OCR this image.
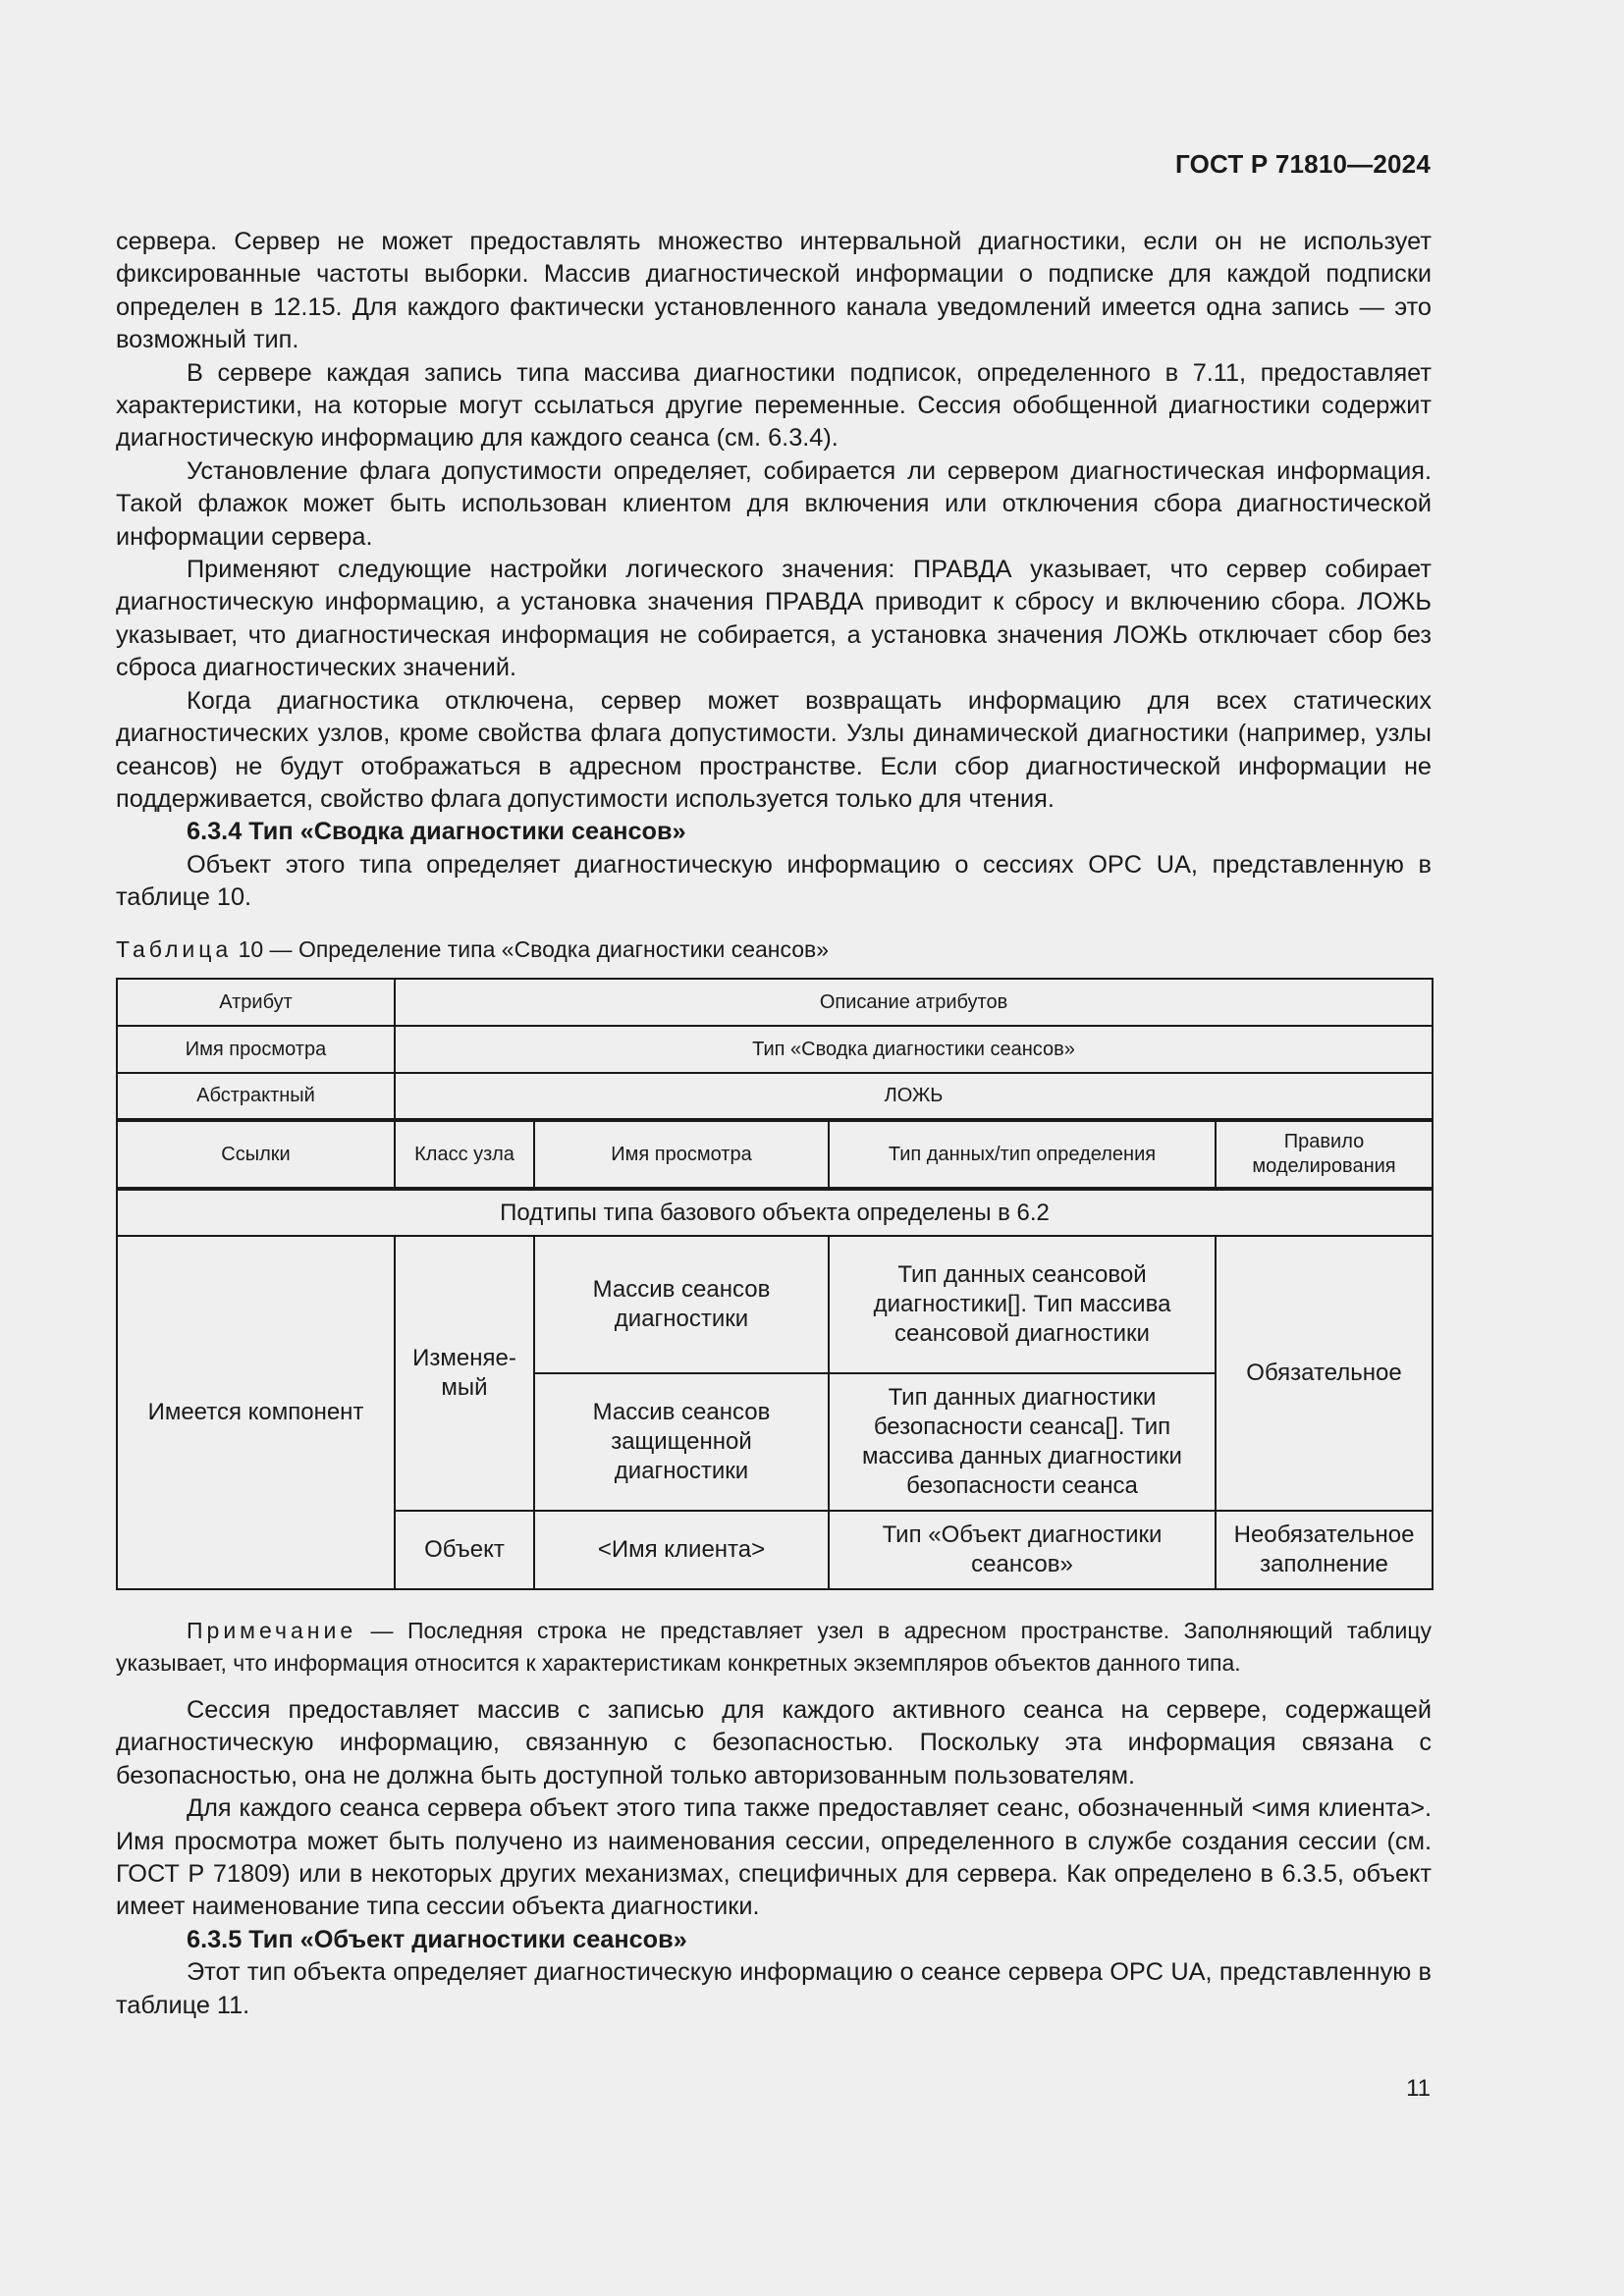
ГОСТ Р 71810—2024

сервера. Сервер не может предоставлять множество интервальной диагностики, если он не использует фиксированные частоты выборки. Массив диагностической информации о подписке для каждой подписки определен в 12.15. Для каждого фактически установленного канала уведомлений имеется одна запись — это возможный тип.

В сервере каждая запись типа массива диагностики подписок, определенного в 7.11, предоставляет характеристики, на которые могут ссылаться другие переменные. Сессия обобщенной диагностики содержит диагностическую информацию для каждого сеанса (см. 6.3.4).

Установление флага допустимости определяет, собирается ли сервером диагностическая информация. Такой флажок может быть использован клиентом для включения или отключения сбора диагностической информации сервера.

Применяют следующие настройки логического значения: ПРАВДА указывает, что сервер собирает диагностическую информацию, а установка значения ПРАВДА приводит к сбросу и включению сбора. ЛОЖЬ указывает, что диагностическая информация не собирается, а установка значения ЛОЖЬ отключает сбор без сброса диагностических значений.

Когда диагностика отключена, сервер может возвращать информацию для всех статических диагностических узлов, кроме свойства флага допустимости. Узлы динамической диагностики (например, узлы сеансов) не будут отображаться в адресном пространстве. Если сбор диагностической информации не поддерживается, свойство флага допустимости используется только для чтения.

6.3.4 Тип «Сводка диагностики сеансов»

Объект этого типа определяет диагностическую информацию о сессиях OPC UA, представленную в таблице 10.

Таблица 10 — Определение типа «Сводка диагностики сеансов»
Атрибут	Описание атрибутов			
Имя просмотра	Тип «Сводка диагностики сеансов»			
Абстрактный	ЛОЖЬ			
Ссылки	Класс узла	Имя просмотра	Тип данных/тип определения	Правило моделирования
Подтипы типа базового объекта определены в 6.2				
Имеется компонент	Изменяе-мый	Массив сеансов диагностики	Тип данных сеансовой диагностики[]. Тип массива сеансовой диагностики	Обязательное
		Массив сеансов защищенной диагностики	Тип данных диагностики безопасности сеанса[]. Тип массива данных диагностики безопасности сеанса	
	Объект	<Имя клиента>	Тип «Объект диагностики сеансов»	Необязательное заполнение

Примечание — Последняя строка не представляет узел в адресном пространстве. Заполняющий таблицу указывает, что информация относится к характеристикам конкретных экземпляров объектов данного типа.

Сессия предоставляет массив с записью для каждого активного сеанса на сервере, содержащей диагностическую информацию, связанную с безопасностью. Поскольку эта информация связана с безопасностью, она не должна быть доступной только авторизованным пользователям.

Для каждого сеанса сервера объект этого типа также предоставляет сеанс, обозначенный <имя клиента>. Имя просмотра может быть получено из наименования сессии, определенного в службе создания сессии (см. ГОСТ Р 71809) или в некоторых других механизмах, специфичных для сервера. Как определено в 6.3.5, объект имеет наименование типа сессии объекта диагностики.

6.3.5 Тип «Объект диагностики сеансов»

Этот тип объекта определяет диагностическую информацию о сеансе сервера OPC UA, представленную в таблице 11.

11
